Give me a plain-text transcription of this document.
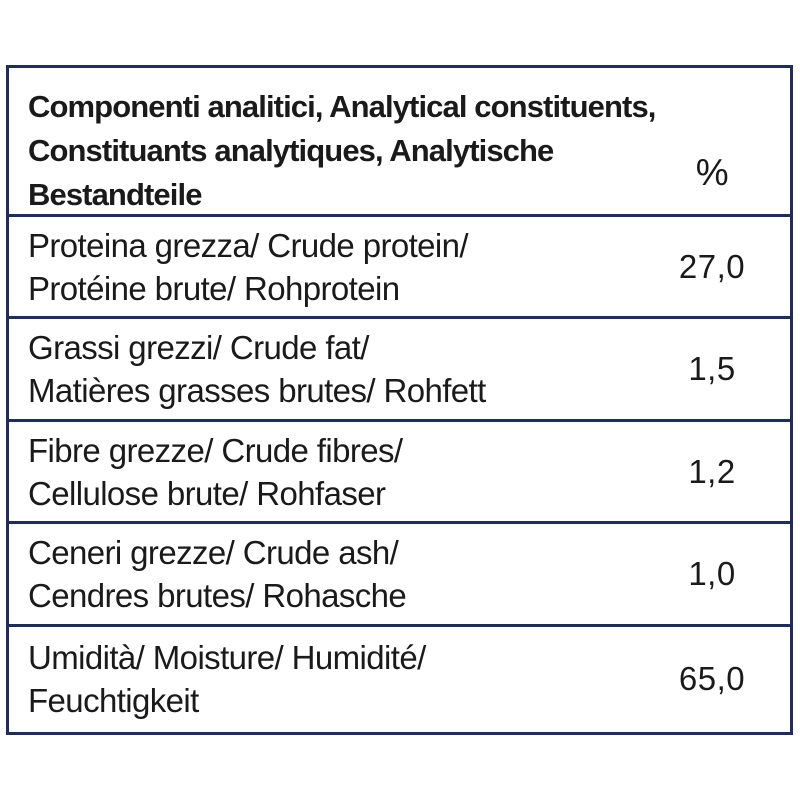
Componenti analitici, Analytical constituents,
Constituants analytiques, Analytische
Bestandteile
%
Proteina grezza/ Crude protein/
Protéine brute/ Rohprotein
27,0
Grassi grezzi/ Crude fat/
Matières grasses brutes/ Rohfett
1,5
Fibre grezze/ Crude fibres/
Cellulose brute/ Rohfaser
1,2
Ceneri grezze/ Crude ash/
Cendres brutes/ Rohasche
1,0
Umidità/ Moisture/ Humidité/
Feuchtigkeit
65,0
